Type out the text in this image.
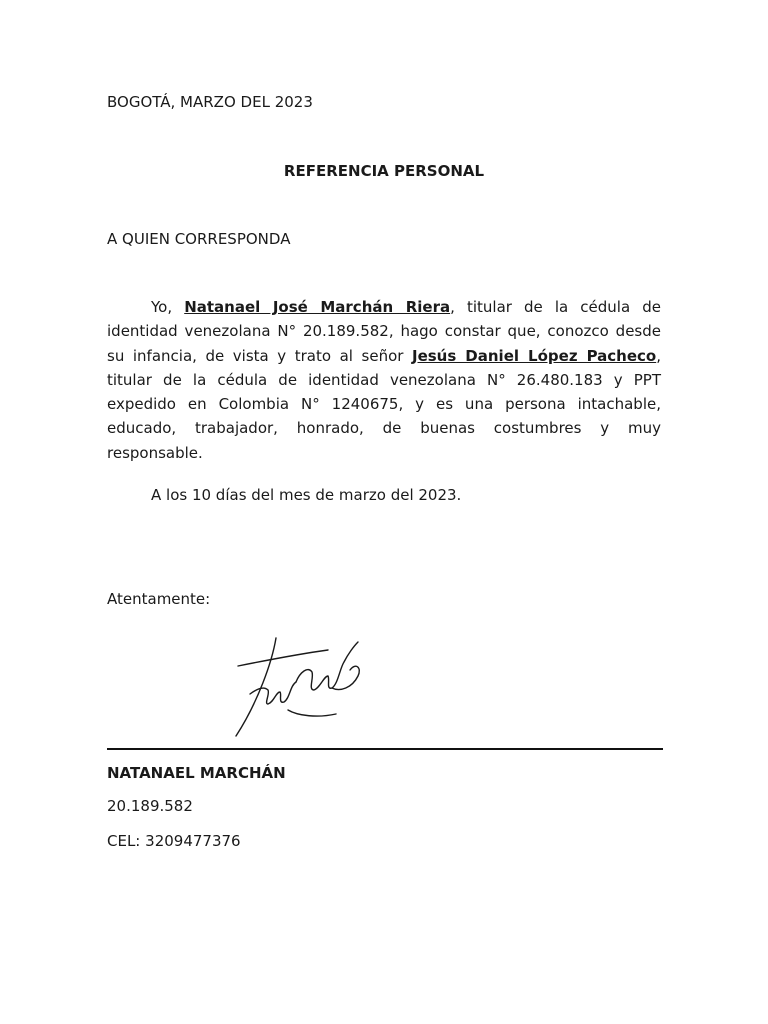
BOGOTÁ, MARZO DEL 2023
REFERENCIA PERSONAL
A QUIEN CORRESPONDA

Yo, Natanael José Marchán Riera, titular de la cédula de identidad venezolana N° 20.189.582, hago constar que, conozco desde su infancia, de vista y trato al señor Jesús Daniel López Pacheco, titular de la cédula de identidad venezolana N° 26.480.183 y PPT expedido en Colombia N° 1240675, y es una persona intachable, educado, trabajador, honrado, de buenas costumbres y muy responsable.

A los 10 días del mes de marzo del 2023.

Atentamente:
NATANAEL MARCHÁN
20.189.582
CEL: 3209477376
